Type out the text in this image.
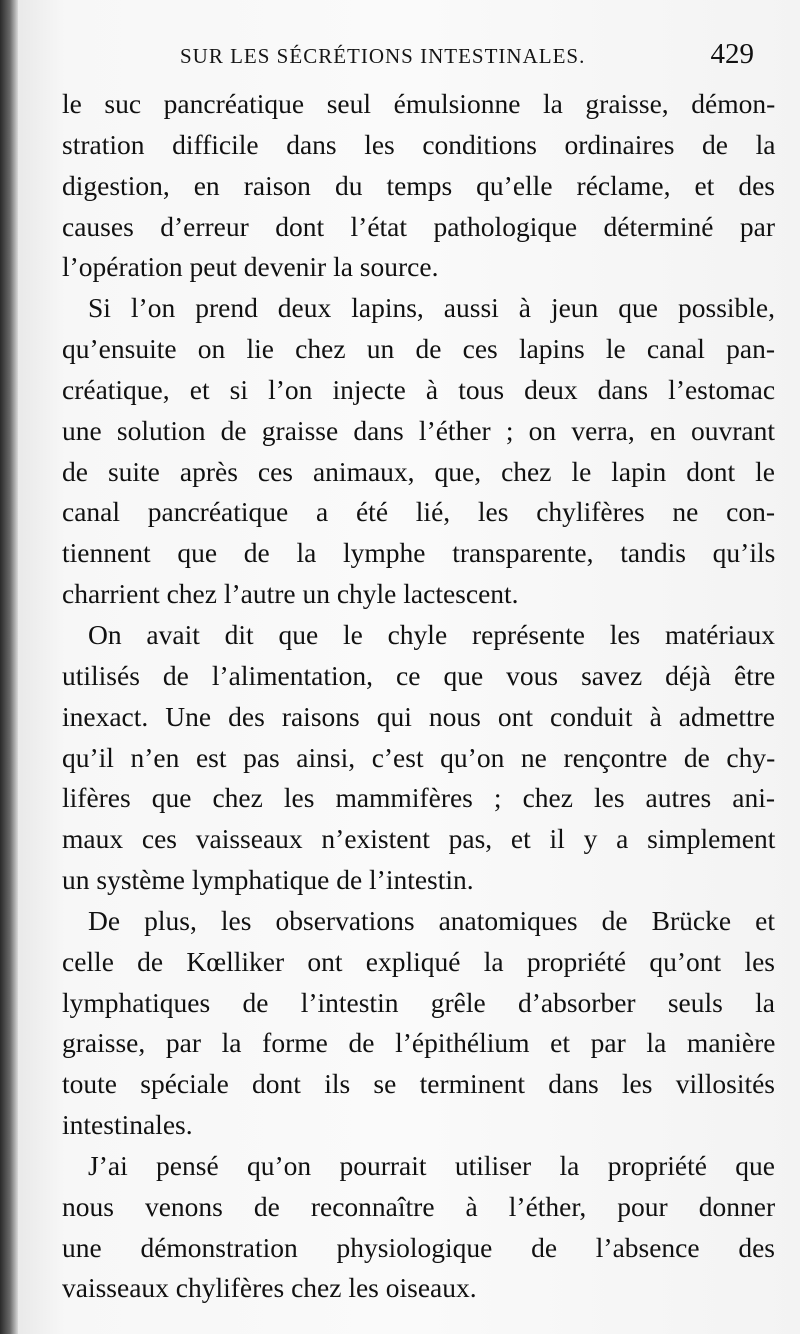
SUR LES SÉCRÉTIONS INTESTINALES.	429

le suc pancréatique seul émulsionne la graisse, démon-
stration difficile dans les conditions ordinaires de la
digestion, en raison du temps qu’elle réclame, et des
causes d’erreur dont l’état pathologique déterminé par
l’opération peut devenir la source.

Si l’on prend deux lapins, aussi à jeun que possible,
qu’ensuite on lie chez un de ces lapins le canal pan-
créatique, et si l’on injecte à tous deux dans l’estomac
une solution de graisse dans l’éther ; on verra, en ouvrant
de suite après ces animaux, que, chez le lapin dont le
canal pancréatique a été lié, les chylifères ne con-
tiennent que de la lymphe transparente, tandis qu’ils
charrient chez l’autre un chyle lactescent.

On avait dit que le chyle représente les matériaux
utilisés de l’alimentation, ce que vous savez déjà être
inexact. Une des raisons qui nous ont conduit à admettre
qu’il n’en est pas ainsi, c’est qu’on ne rençontre de chy-
lifères que chez les mammifères ; chez les autres ani-
maux ces vaisseaux n’existent pas, et il y a simplement
un système lymphatique de l’intestin.

De plus, les observations anatomiques de Brücke et
celle de Kœlliker ont expliqué la propriété qu’ont les
lymphatiques de l’intestin grêle d’absorber seuls la
graisse, par la forme de l’épithélium et par la manière
toute spéciale dont ils se terminent dans les villosités
intestinales.

J’ai pensé qu’on pourrait utiliser la propriété que
nous venons de reconnaître à l’éther, pour donner
une démonstration physiologique de l’absence des
vaisseaux chylifères chez les oiseaux.
